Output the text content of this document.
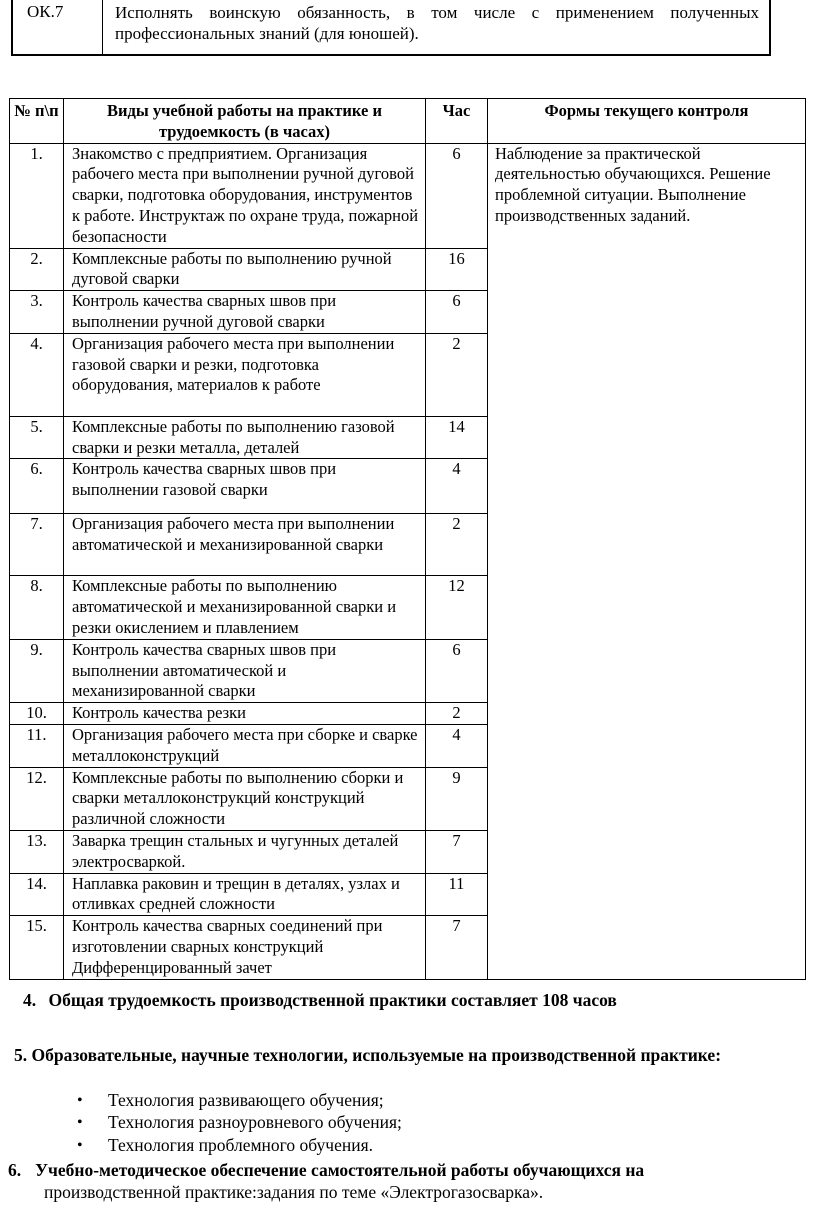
ОК.7	Исполнять воинскую обязанность, в том числе с применением полученных профессиональных знаний (для юношей).
№ п\п	Виды учебной работы на практике и трудоемкость (в часах)	Час	Формы текущего контроля
1.	Знакомство с предприятием. Организация рабочего места при выполнении ручной дуговой сварки, подготовка оборудования, инструментов к работе. Инструктаж по охране труда, пожарной безопасности	6	Наблюдение за практической деятельностью обучающихся. Решение проблемной ситуации. Выполнение производственных заданий.
2.	Комплексные работы по выполнению ручной дуговой сварки	16	
3.	Контроль качества сварных швов при выполнении ручной дуговой сварки	6	
4.	Организация рабочего места при выполнении газовой сварки и резки, подготовка оборудования, материалов к работе	2	
5.	Комплексные работы по выполнению газовой сварки и резки металла, деталей	14	
6.	Контроль качества сварных швов при выполнении газовой сварки	4	
7.	Организация рабочего места при выполнении автоматической и механизированной сварки	2	
8.	Комплексные работы по выполнению автоматической и механизированной сварки и резки окислением и плавлением	12	
9.	Контроль качества сварных швов при выполнении автоматической и механизированной сварки	6	
10.	Контроль качества резки	2	
11.	Организация рабочего места при сборке и сварке металлоконструкций	4	
12.	Комплексные работы по выполнению сборки и сварки металлоконструкций конструкций различной сложности	9	
13.	Заварка трещин стальных и чугунных деталей электросваркой.	7	
14.	Наплавка раковин и трещин в деталях, узлах и отливках средней сложности	11	
15.	Контроль качества сварных соединений при изготовлении сварных конструкций Дифференцированный зачет	7	
4. Общая трудоемкость производственной практики составляет 108 часов
5. Образовательные, научные технологии, используемые на производственной практике:
• Технология развивающего обучения;
• Технология разноуровневого обучения;
• Технология проблемного обучения.
6. Учебно-методическое обеспечение самостоятельной работы обучающихся на
производственной практике:задания по теме «Электрогазосварка».
